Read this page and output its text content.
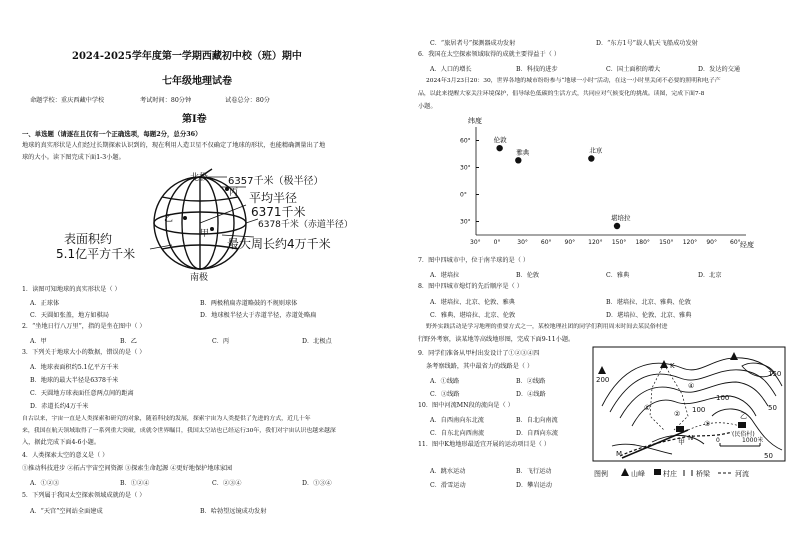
2024-2025学年度第一学期西藏初中校（班）期中
七年级地理试卷
命题学校：重庆西藏中学校	考试时间：80分钟	试卷总分：80分
第Ⅰ卷
一、单选题（请逐在且仅有一个正确选项，每题2分，总分36）
地球的真实形状是人们经过长期探索认识到的，现在利用人造卫星不仅确定了地球的形状，也能精确测量出了地
球的大小。读下图完成下面1-3小题。
北极 6357千米（极半径）
丙 平均半径
6371千米
6378千米（赤道半径）
乙
甲
表面积约
5.1亿平方千米
最大周长约4万千米
南极
1．读图可知地球的真实形状是（ ）
A．正球体	B．两极稍扁赤道略鼓的不规则球体
C．天圆如张盖，地方如棋局	D．地球极半径大于赤道半径，赤道处略扁
2．“坐地日行八万里”，指的是坐在图中（ ）
A．甲	B．乙	C．丙	D．北极点
3．下列关于地球大小的数据，错误的是（ ）
A．地球表面积约5.1亿平方千米
B．地球的最大半径是6378千米
C．天圆地方球表面任意两点间的距离
D．赤道长约4万千米
自古以来，宇宙一直是人类探索和研究的对象，随着科技的发展，探索宇宙为人类提供了先进的方式，近几十年
来，我国在航天领域取得了一系列重大突破，成就令世界瞩目，我国太空站也已经运行30年，我们对宇宙认识也越来越深
入，据此完成下面4-6小题。
4．人类探索太空的意义是（ ）
①推动科技进步 ②拓占宇宙空间资源 ③探索生命起源 ④更好地保护地球家园
A．①②③	B．①②④	C．②③④	D．①③④
5．下列属于我国太空探索领域成就的是（ ）
A．“天宫”空间站全面建成	B．哈勃望远镜成功发射
C．“旅居者号”探测器成功发射	D．“东方1号”载人航天飞船成功发射
6．我国在太空探索领域取得的成就主要得益于（ ）
A．人口的增长	B．科技的进步	C．国土面积的增大	D．发达的交通
2024年3月23日20：30，世界各地的城市纷纷参与“地球一小时”活动，在这一小时里关闭不必要的照明和电子产
品，以此来提醒大家关注环境保护，倡导绿色低碳的生活方式，共同应对气候变化的挑战。读图，完成下面7-8
小题。
60°
30°
0°
30°
30° 0°	30° 60° 90° 120° 150° 180° 150° 120° 90° 60°
伦敦
雅典	北京
堪培拉
纬度
经度
7．图中四城市中，位于南半球的是（ ）
A．堪培拉	B．伦敦	C．雅典	D．北京
8．图中四城市熄灯的先后顺序是（ ）
A．堪培拉、北京、伦敦、雅典	B．堪培拉、北京、雅典、伦敦
C．雅典、堪培拉、北京、伦敦	D．堪培拉、伦敦、北京、雅典
野外实践活动是学习地理的重要方式之一，某校地理社团的同学们利用周末时间去某民俗村进
行野外考察，读某地等高线地形图，完成下面9-11小题。
9．同学们准备从甲村出发设计了①②③④四
条考察线路，其中最省力的线路是（ ）
A．①线路	B．②线路
C．③线路	D．④线路
10．图中河流MN段的流向是（ ）
A．自西南向东北流	B．自北向南流
C．自东北向西南流	D．自西向东流
11．图中K地地形最适宜开展的运动项目是（ ）
A．跳水运动	B．飞行运动
C．滑雪运动	D．攀岩运动
200
150
50
50
100
100
K
M
N
甲
乙
(民俗村)
①
②
③
④
0	1000米
图例	山峰	村庄	桥梁	河流
